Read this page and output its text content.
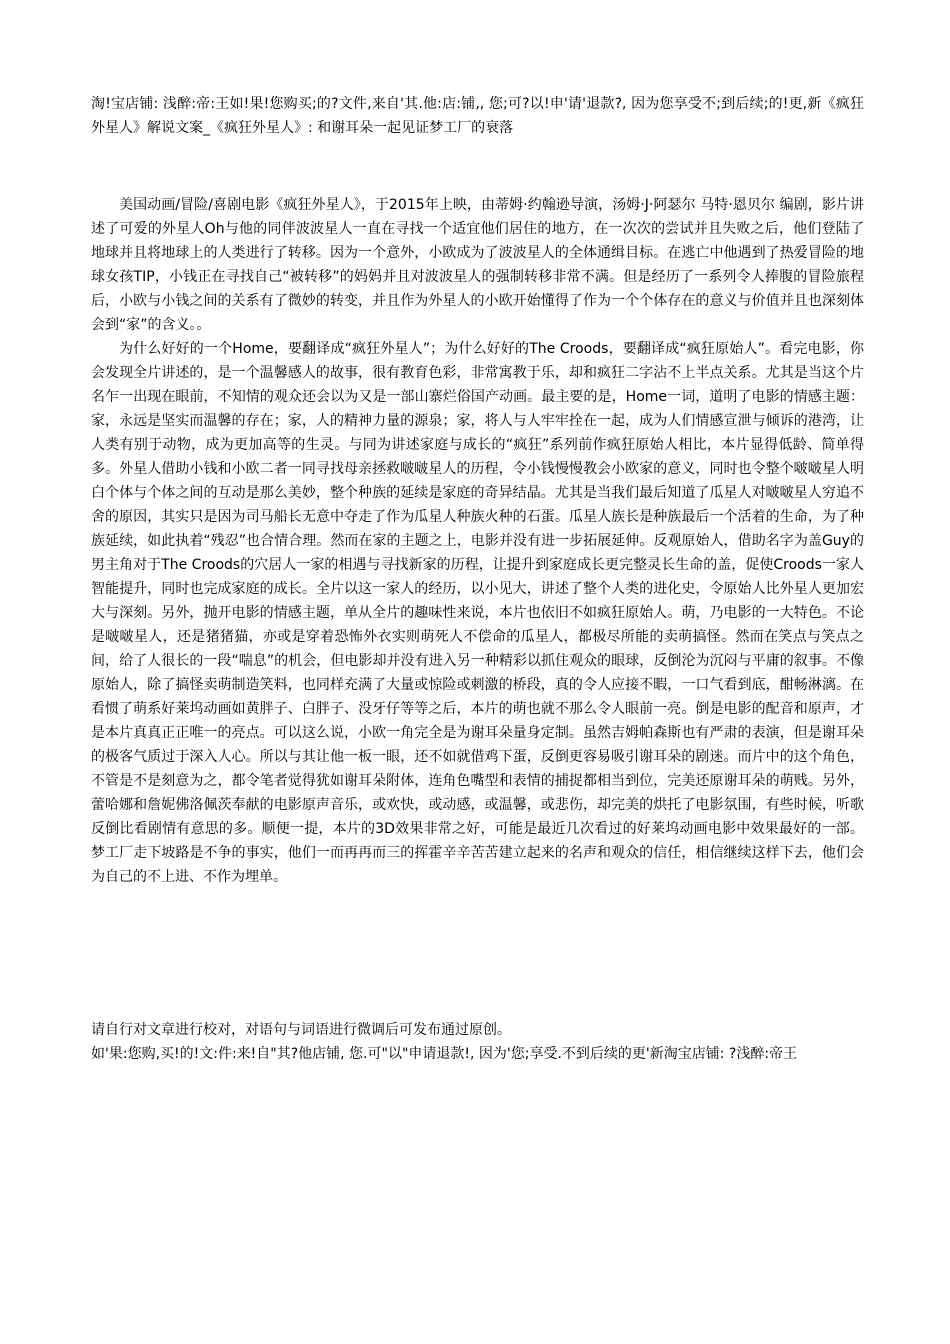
淘!宝店铺: 浅醉:帝:王如!果!您购买;的?文件,来自'其.他:店:铺,, 您;可?以!申'请'退款?, 因为您享受不;到后续;的!更,新《疯狂外星人》解说文案_《疯狂外星人》: 和谢耳朵一起见证梦工厂的衰落

美国动画/冒险/喜剧电影《疯狂外星人》，于2015年上映，由蒂姆·约翰逊导演，汤姆·J·阿瑟尔 马特·恩贝尔 编剧，影片讲述了可爱的外星人Oh与他的同伴波波星人一直在寻找一个适宜他们居住的地方，在一次次的尝试并且失败之后，他们登陆了地球并且将地球上的人类进行了转移。因为一个意外，小欧成为了波波星人的全体通缉目标。在逃亡中他遇到了热爱冒险的地球女孩TIP，小钱正在寻找自己“被转移”的妈妈并且对波波星人的强制转移非常不满。但是经历了一系列令人捧腹的冒险旅程后，小欧与小钱之间的关系有了微妙的转变，并且作为外星人的小欧开始懂得了作为一个个体存在的意义与价值并且也深刻体会到“家”的含义。。

为什么好好的一个Home，要翻译成“疯狂外星人”；为什么好好的The Croods，要翻译成“疯狂原始人”。看完电影，你会发现全片讲述的，是一个温馨感人的故事，很有教育色彩，非常寓教于乐，却和疯狂二字沾不上半点关系。尤其是当这个片名乍一出现在眼前，不知情的观众还会以为又是一部山寨烂俗国产动画。最主要的是，Home一词，道明了电影的情感主题：家，永远是坚实而温馨的存在；家，人的精神力量的源泉；家，将人与人牢牢拴在一起，成为人们情感宣泄与倾诉的港湾，让人类有别于动物，成为更加高等的生灵。与同为讲述家庭与成长的“疯狂”系列前作疯狂原始人相比，本片显得低龄、简单得多。外星人借助小钱和小欧二者一同寻找母亲拯救啵啵星人的历程，令小钱慢慢教会小欧家的意义，同时也令整个啵啵星人明白个体与个体之间的互动是那么美妙，整个种族的延续是家庭的奇异结晶。尤其是当我们最后知道了瓜星人对啵啵星人穷追不舍的原因，其实只是因为司马船长无意中夺走了作为瓜星人种族火种的石蛋。瓜星人族长是种族最后一个活着的生命，为了种族延续，如此执着“残忍”也合情合理。然而在家的主题之上，电影并没有进一步拓展延伸。反观原始人，借助名字为盖Guy的男主角对于The Croods的穴居人一家的相遇与寻找新家的历程，让提升到家庭成长更完整灵长生命的盖，促使Croods一家人智能提升，同时也完成家庭的成长。全片以这一家人的经历，以小见大，讲述了整个人类的进化史，令原始人比外星人更加宏大与深刻。另外，抛开电影的情感主题，单从全片的趣味性来说，本片也依旧不如疯狂原始人。萌，乃电影的一大特色。不论是啵啵星人，还是猪猪猫，亦或是穿着恐怖外衣实则萌死人不偿命的瓜星人，都极尽所能的卖萌搞怪。然而在笑点与笑点之间，给了人很长的一段“喘息”的机会，但电影却并没有进入另一种精彩以抓住观众的眼球，反倒沦为沉闷与平庸的叙事。不像原始人，除了搞怪卖萌制造笑料，也同样充满了大量或惊险或刺激的桥段，真的令人应接不暇，一口气看到底，酣畅淋漓。在看惯了萌系好莱坞动画如黄胖子、白胖子、没牙仔等等之后，本片的萌也就不那么令人眼前一亮。倒是电影的配音和原声，才是本片真真正正唯一的亮点。可以这么说，小欧一角完全是为谢耳朵量身定制。虽然吉姆帕森斯也有严肃的表演，但是谢耳朵的极客气质过于深入人心。所以与其让他一板一眼，还不如就借鸡下蛋，反倒更容易吸引谢耳朵的剧迷。而片中的这个角色，不管是不是刻意为之，都令笔者觉得犹如谢耳朵附体，连角色嘴型和表情的捕捉都相当到位，完美还原谢耳朵的萌贱。另外，蕾哈娜和詹妮佛洛佩茨奉献的电影原声音乐，或欢快，或动感，或温馨，或悲伤，却完美的烘托了电影氛围，有些时候，听歌反倒比看剧情有意思的多。顺便一提，本片的3D效果非常之好，可能是最近几次看过的好莱坞动画电影中效果最好的一部。梦工厂走下坡路是不争的事实，他们一而再再而三的挥霍辛辛苦苦建立起来的名声和观众的信任，相信继续这样下去，他们会为自己的不上进、不作为埋单。

请自行对文章进行校对，对语句与词语进行微调后可发布通过原创。

如'果:您购,买!的!文:件:来!自"其?他店铺, 您.可"以"申请退款!, 因为'您;享受.不到后续的更'新淘宝店铺: ?浅醉:帝王
